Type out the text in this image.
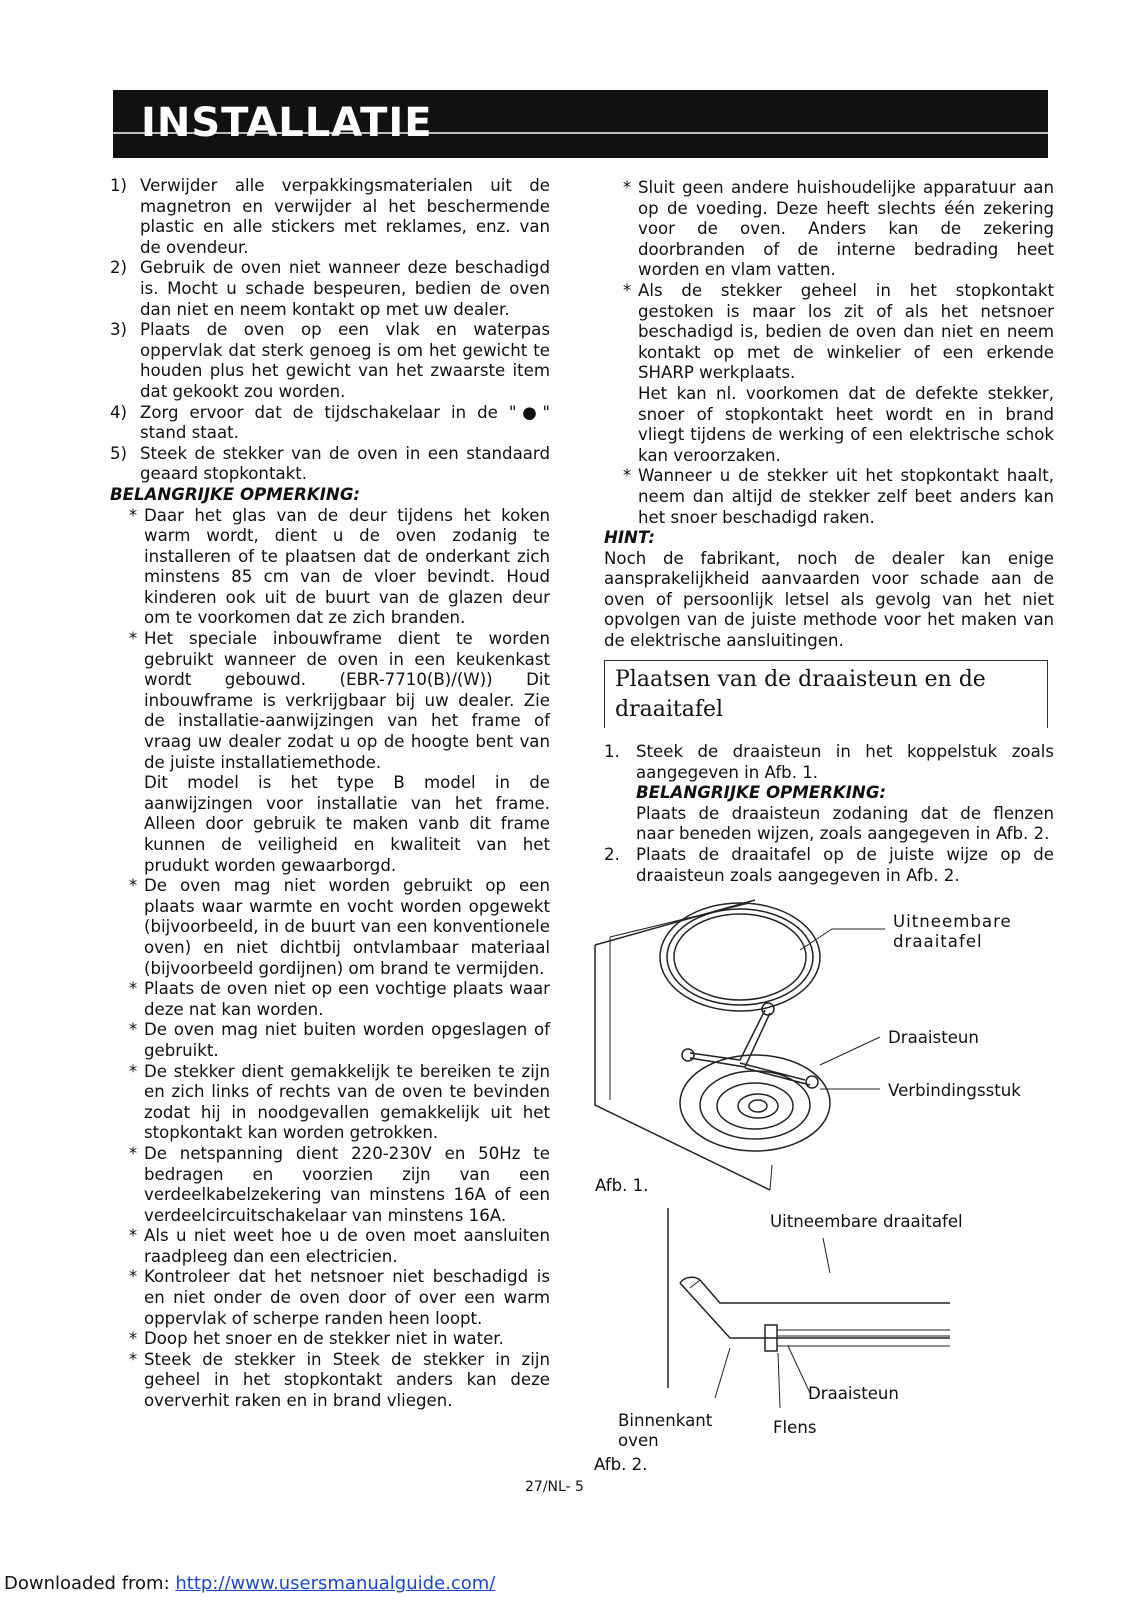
INSTALLATIE
1) Verwijder alle verpakkingsmaterialen uit de magnetron en verwijder al het beschermende plastic en alle stickers met reklames, enz. van de ovendeur.
2) Gebruik de oven niet wanneer deze beschadigd is. Mocht u schade bespeuren, bedien de oven dan niet en neem kontakt op met uw dealer.
3) Plaats de oven op een vlak en waterpas oppervlak dat sterk genoeg is om het gewicht te houden plus het gewicht van het zwaarste item dat gekookt zou worden.
4) Zorg ervoor dat de tijdschakelaar in de "●" stand staat.
5) Steek de stekker van de oven in een standaard geaard stopkontakt.

BELANGRIJKE OPMERKING:

* Daar het glas van de deur tijdens het koken warm wordt, dient u de oven zodanig te installeren of te plaatsen dat de onderkant zich minstens 85 cm van de vloer bevindt. Houd kinderen ook uit de buurt van de glazen deur om te voorkomen dat ze zich branden.
* Het speciale inbouwframe dient te worden gebruikt wanneer de oven in een keukenkast wordt gebouwd. (EBR-7710(B)/(W)) Dit inbouwframe is verkrijgbaar bij uw dealer. Zie de installatie-aanwijzingen van het frame of vraag uw dealer zodat u op de hoogte bent van de juiste installatiemethode.
Dit model is het type B model in de aanwijzingen voor installatie van het frame. Alleen door gebruik te maken vanb dit frame kunnen de veiligheid en kwaliteit van het prudukt worden gewaarborgd.
* De oven mag niet worden gebruikt op een plaats waar warmte en vocht worden opgewekt (bijvoorbeeld, in de buurt van een konventionele oven) en niet dichtbij ontvlambaar materiaal (bijvoorbeeld gordijnen) om brand te vermijden.
* Plaats de oven niet op een vochtige plaats waar deze nat kan worden.
* De oven mag niet buiten worden opgeslagen of gebruikt.
* De stekker dient gemakkelijk te bereiken te zijn en zich links of rechts van de oven te bevinden zodat hij in noodgevallen gemakkelijk uit het stopkontakt kan worden getrokken.
* De netspanning dient 220-230V en 50Hz te bedragen en voorzien zijn van een verdeelkabelzekering van minstens 16A of een verdeelcircuitschakelaar van minstens 16A.
* Als u niet weet hoe u de oven moet aansluiten raadpleeg dan een electricien.
* Kontroleer dat het netsnoer niet beschadigd is en niet onder de oven door of over een warm oppervlak of scherpe randen heen loopt.
* Doop het snoer en de stekker niet in water.
* Steek de stekker in Steek de stekker in zijn geheel in het stopkontakt anders kan deze oververhit raken en in brand vliegen.
* Sluit geen andere huishoudelijke apparatuur aan op de voeding. Deze heeft slechts één zekering voor de oven. Anders kan de zekering doorbranden of de interne bedrading heet worden en vlam vatten.
* Als de stekker geheel in het stopkontakt gestoken is maar los zit of als het netsnoer beschadigd is, bedien de oven dan niet en neem kontakt op met de winkelier of een erkende SHARP werkplaats.
Het kan nl. voorkomen dat de defekte stekker, snoer of stopkontakt heet wordt en in brand vliegt tijdens de werking of een elektrische schok kan veroorzaken.
* Wanneer u de stekker uit het stopkontakt haalt, neem dan altijd de stekker zelf beet anders kan het snoer beschadigd raken.

HINT:

Noch de fabrikant, noch de dealer kan enige aansprakelijkheid aanvaarden voor schade aan de oven of persoonlijk letsel als gevolg van het niet opvolgen van de juiste methode voor het maken van de elektrische aansluitingen.

Plaatsen van de draaisteun en de draaitafel
1. Steek de draaisteun in het koppelstuk zoals aangegeven in Afb. 1.
BELANGRIJKE OPMERKING:
Plaats de draaisteun zodaning dat de flenzen naar beneden wijzen, zoals aangegeven in Afb. 2.
2. Plaats de draaitafel op de juiste wijze op de draaisteun zoals aangegeven in Afb. 2.
Uitneembare draaitafel
Draaisteun
Verbindingsstuk
Afb. 1.
Uitneembare draaitafel
Draaisteun
Binnenkant oven
Flens
Afb. 2.
27/NL- 5
Downloaded from: http://www.usersmanualguide.com/
